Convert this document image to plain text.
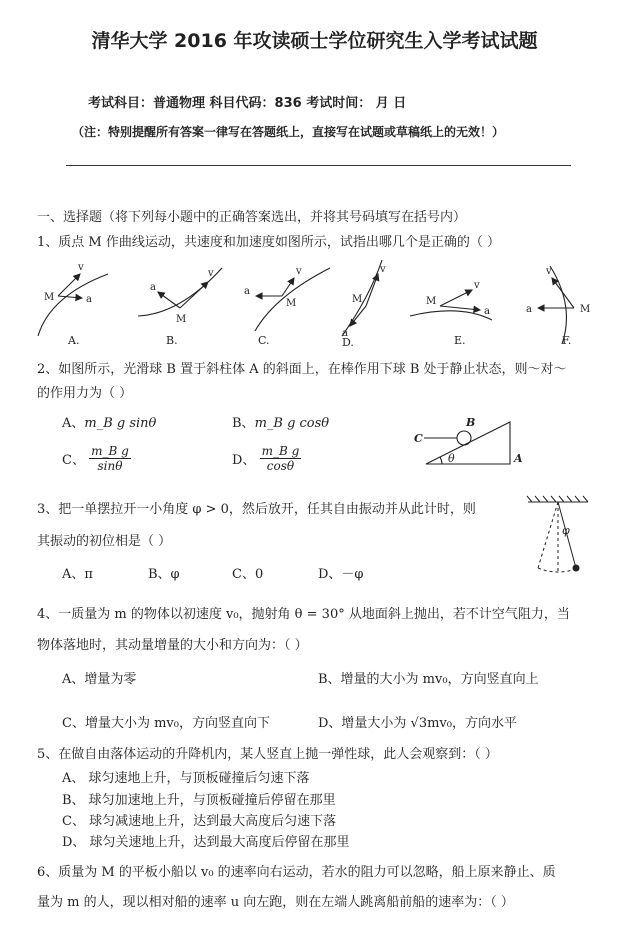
清华大学 2016 年攻读硕士学位研究生入学考试试题
考试科目：普通物理 科目代码：836 考试时间： 月 日
（注：特别提醒所有答案一律写在答题纸上，直接写在试题或草稿纸上的无效！）
一、选择题（将下列每小题中的正确答案选出，并将其号码填写在括号内）
1、质点 M 作曲线运动，共速度和加速度如图所示，试指出哪几个是正确的（ ）
M
v
a
M
a
v
M
a
v
M
v
a
M
v
a	M
v
a
A.	B.	C.	D.	E.	F.
2、如图所示，光滑球 B 置于斜柱体 A 的斜面上，在棒作用下球 B 处于静止状态，则～对～
的作用力为（ ）
A、m_B g sinθ	B、m_B g cosθ
C、 $\frac{\text{m\_B g}}{\sin\theta}$	D、 $\frac{\text{m\_B g}}{\cos\theta}$
B
C
A
θ
3、把一单摆拉开一小角度 φ > 0，然后放开，任其自由振动并从此计时，则
其振动的初位相是（ ）
A、π	B、φ	C、0	D、－φ
φ
4、一质量为 m 的物体以初速度 v₀，抛射角 θ = 30° 从地面斜上抛出，若不计空气阻力，当
物体落地时，其动量增量的大小和方向为：（ ）
A、增量为零	B、增量的大小为 mv₀，方向竖直向上
C、增量大小为 mv₀，方向竖直向下	D、增量大小为 √3mv₀，方向水平
5、在做自由落体运动的升降机内，某人竖直上抛一弹性球，此人会观察到：（ ）
A、 球匀速地上升，与顶板碰撞后匀速下落
B、 球匀加速地上升，与顶板碰撞后停留在那里
C、 球匀减速地上升，达到最大高度后匀速下落
D、 球匀关速地上升，达到最大高度后停留在那里
6、质量为 M 的平板小船以 v₀ 的速率向右运动，若水的阻力可以忽略，船上原来静止、质
量为 m 的人，现以相对船的速率 u 向左跑，则在左端人跳离船前船的速率为：（ ）
